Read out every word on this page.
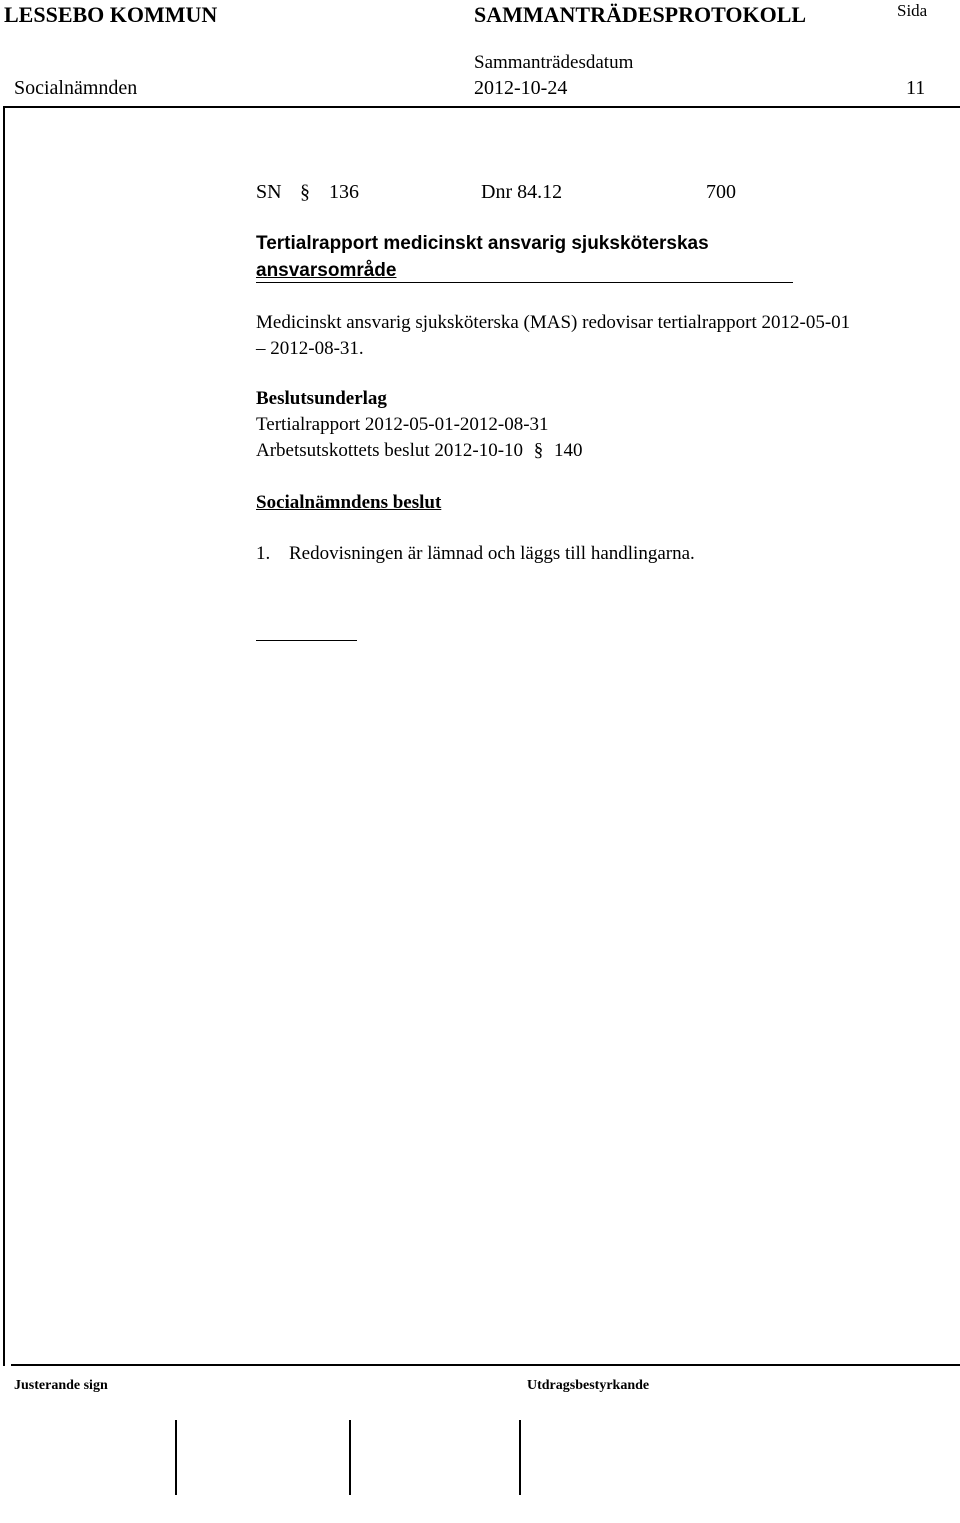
LESSEBO KOMMUN	SAMMANTRÄDESPROTOKOLL	Sida
Sammanträdesdatum
Socialnämnden	2012-10-24	11
SN § 136	Dnr 84.12	700
Tertialrapport medicinskt ansvarig sjuksköterskas
ansvarsområde
Medicinskt ansvarig sjuksköterska (MAS) redovisar tertialrapport 2012-05-01
– 2012-08-31.
Beslutsunderlag
Tertialrapport 2012-05-01-2012-08-31
Arbetsutskottets beslut 2012-10-10 § 140
Socialnämndens beslut
1. Redovisningen är lämnad och läggs till handlingarna.
Justerande sign	Utdragsbestyrkande
